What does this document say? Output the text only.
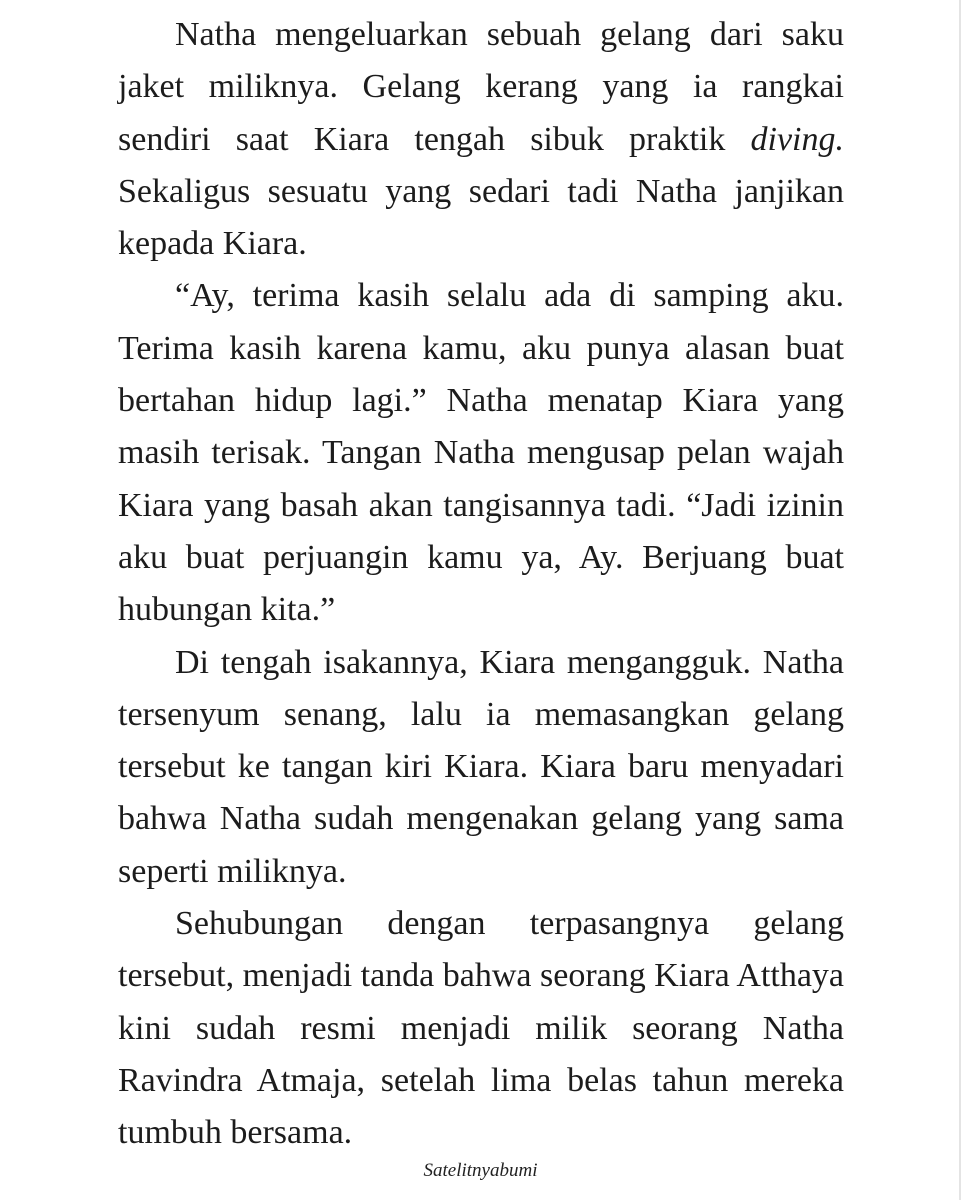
Natha mengeluarkan sebuah gelang dari saku jaket miliknya. Gelang kerang yang ia rangkai sendiri saat Kiara tengah sibuk praktik diving. Sekaligus sesuatu yang sedari tadi Natha janjikan kepada Kiara.

“Ay, terima kasih selalu ada di samping aku. Terima kasih karena kamu, aku punya alasan buat bertahan hidup lagi.” Natha menatap Kiara yang masih terisak. Tangan Natha mengusap pelan wajah Kiara yang basah akan tangisannya tadi. “Jadi izinin aku buat perjuangin kamu ya, Ay. Berjuang buat hubungan kita.”

Di tengah isakannya, Kiara mengangguk. Natha tersenyum senang, lalu ia memasangkan gelang tersebut ke tangan kiri Kiara. Kiara baru menyadari bahwa Natha sudah mengenakan gelang yang sama seperti miliknya.

Sehubungan dengan terpasangnya gelang tersebut, menjadi tanda bahwa seorang Kiara Atthaya kini sudah resmi menjadi milik seorang Natha Ravindra Atmaja, setelah lima belas tahun mereka tumbuh bersama.

Satelitnyabumi
